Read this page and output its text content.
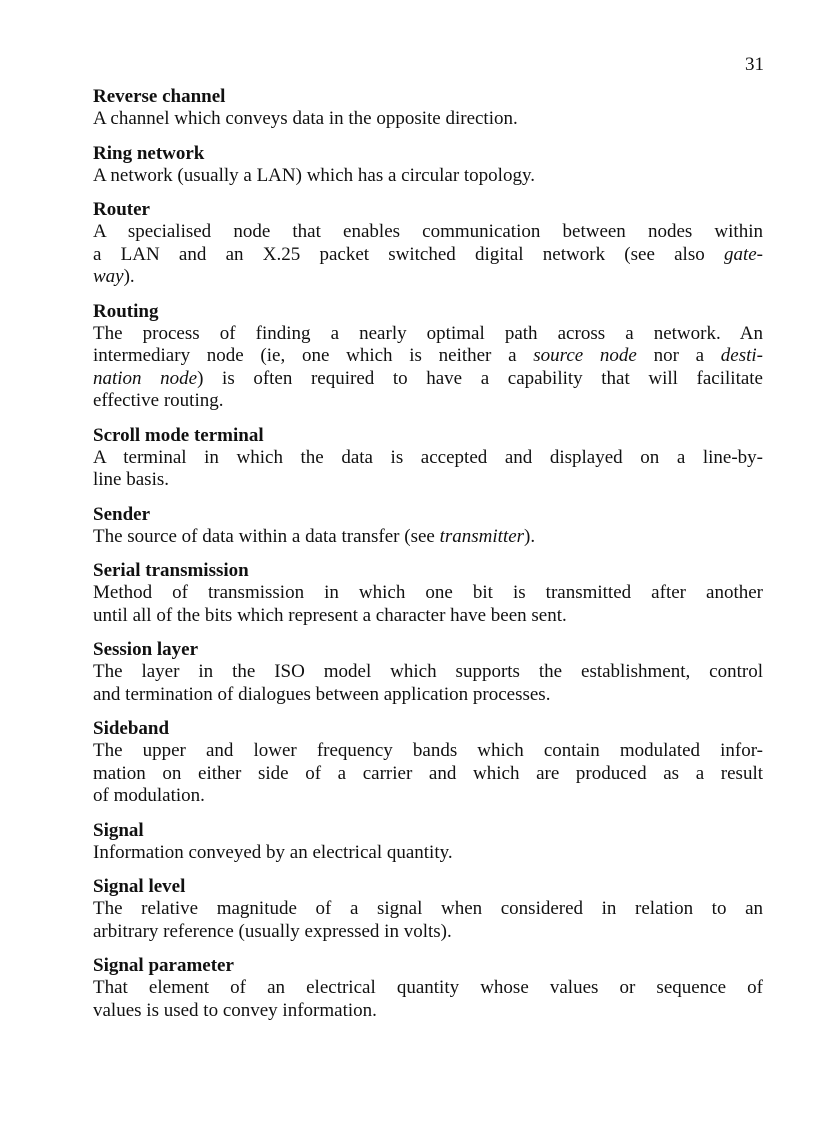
31
Reverse channel
A channel which conveys data in the opposite direction.
Ring network
A network (usually a LAN) which has a circular topology.
Router
A specialised node that enables communication between nodes within
a LAN and an X.25 packet switched digital network (see also gate-
way).
Routing
The process of finding a nearly optimal path across a network. An
intermediary node (ie, one which is neither a source node nor a desti-
nation node) is often required to have a capability that will facilitate
effective routing.
Scroll mode terminal
A terminal in which the data is accepted and displayed on a line-by-
line basis.
Sender
The source of data within a data transfer (see transmitter).
Serial transmission
Method of transmission in which one bit is transmitted after another
until all of the bits which represent a character have been sent.
Session layer
The layer in the ISO model which supports the establishment, control
and termination of dialogues between application processes.
Sideband
The upper and lower frequency bands which contain modulated infor-
mation on either side of a carrier and which are produced as a result
of modulation.
Signal
Information conveyed by an electrical quantity.
Signal level
The relative magnitude of a signal when considered in relation to an
arbitrary reference (usually expressed in volts).
Signal parameter
That element of an electrical quantity whose values or sequence of
values is used to convey information.
